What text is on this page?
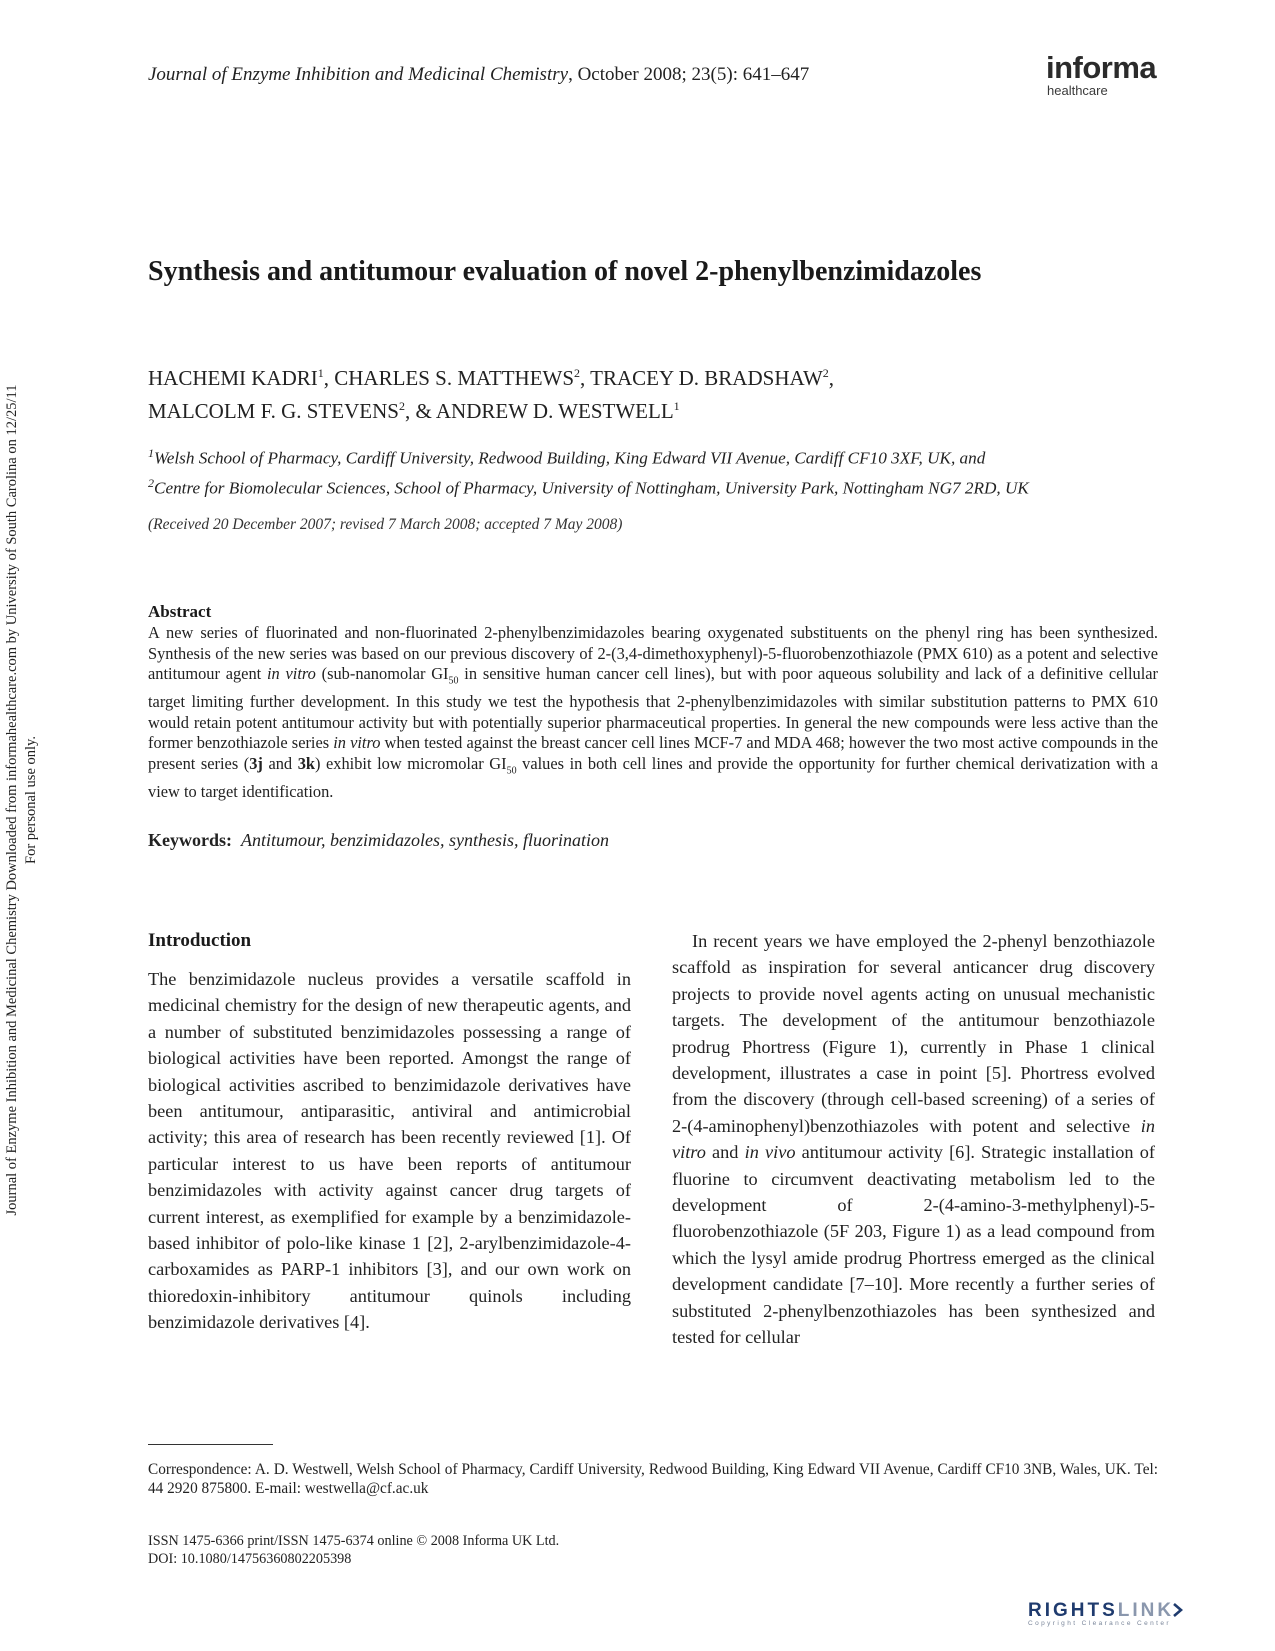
Journal of Enzyme Inhibition and Medicinal Chemistry Downloaded from informahealthcare.com by University of South Carolina on 12/25/11 For personal use only.
Journal of Enzyme Inhibition and Medicinal Chemistry, October 2008; 23(5): 641–647	informa
healthcare
Synthesis and antitumour evaluation of novel 2-phenylbenzimidazoles
HACHEMI KADRI$^1$, CHARLES S. MATTHEWS$^2$, TRACEY D. BRADSHAW$^2$,
MALCOLM F. G. STEVENS$^2$, & ANDREW D. WESTWELL$^1$
$^1$Welsh School of Pharmacy, Cardiff University, Redwood Building, King Edward VII Avenue, Cardiff CF10 3XF, UK, and
$^2$Centre for Biomolecular Sciences, School of Pharmacy, University of Nottingham, University Park, Nottingham NG7 2RD, UK
(Received 20 December 2007; revised 7 March 2008; accepted 7 May 2008)
Abstract
A new series of fluorinated and non-fluorinated 2-phenylbenzimidazoles bearing oxygenated substituents on the phenyl ring has been synthesized. Synthesis of the new series was based on our previous discovery of 2-(3,4-dimethoxyphenyl)-5-fluorobenzothiazole (PMX 610) as a potent and selective antitumour agent in vitro (sub-nanomolar $GI_{50}$ in sensitive human cancer cell lines), but with poor aqueous solubility and lack of a definitive cellular target limiting further development. In this study we test the hypothesis that 2-phenylbenzimidazoles with similar substitution patterns to PMX 610 would retain potent antitumour activity but with potentially superior pharmaceutical properties. In general the new compounds were less active than the former benzothiazole series in vitro when tested against the breast cancer cell lines MCF-7 and MDA 468; however the two most active compounds in the present series (3j and 3k) exhibit low micromolar $GI_{50}$ values in both cell lines and provide the opportunity for further chemical derivatization with a view to target identification.
Keywords: Antitumour, benzimidazoles, synthesis, fluorination
Introduction
The benzimidazole nucleus provides a versatile scaffold in medicinal chemistry for the design of new therapeutic agents, and a number of substituted benzimidazoles possessing a range of biological activities have been reported. Amongst the range of biological activities ascribed to benzimidazole derivatives have been antitumour, antiparasitic, antiviral and antimicrobial activity; this area of research has been recently reviewed [1]. Of particular interest to us have been reports of antitumour benzimidazoles with activity against cancer drug targets of current interest, as exemplified for example by a benzimidazole-based inhibitor of polo-like kinase 1 [2], 2-arylbenzimidazole-4-carboxamides as PARP-1 inhibitors [3], and our own work on thioredoxin-inhibitory antitumour quinols including benzimidazole derivatives [4].
In recent years we have employed the 2-phenyl benzothiazole scaffold as inspiration for several anticancer drug discovery projects to provide novel agents acting on unusual mechanistic targets. The development of the antitumour benzothiazole prodrug Phortress (Figure 1), currently in Phase 1 clinical development, illustrates a case in point [5]. Phortress evolved from the discovery (through cell-based screening) of a series of 2-(4-aminophenyl)benzothiazoles with potent and selective in vitro and in vivo antitumour activity [6]. Strategic installation of fluorine to circumvent deactivating metabolism led to the development of 2-(4-amino-3-methylphenyl)-5-fluorobenzothiazole (5F 203, Figure 1) as a lead compound from which the lysyl amide prodrug Phortress emerged as the clinical development candidate [7–10]. More recently a further series of substituted 2-phenylbenzothiazoles has been synthesized and tested for cellular
Correspondence: A. D. Westwell, Welsh School of Pharmacy, Cardiff University, Redwood Building, King Edward VII Avenue, Cardiff CF10 3NB, Wales, UK. Tel: 44 2920 875800. E-mail: westwella@cf.ac.uk
ISSN 1475-6366 print/ISSN 1475-6374 online © 2008 Informa UK Ltd.
DOI: 10.1080/14756360802205398
RIGHTSLINK
Copyright Clearance Center
